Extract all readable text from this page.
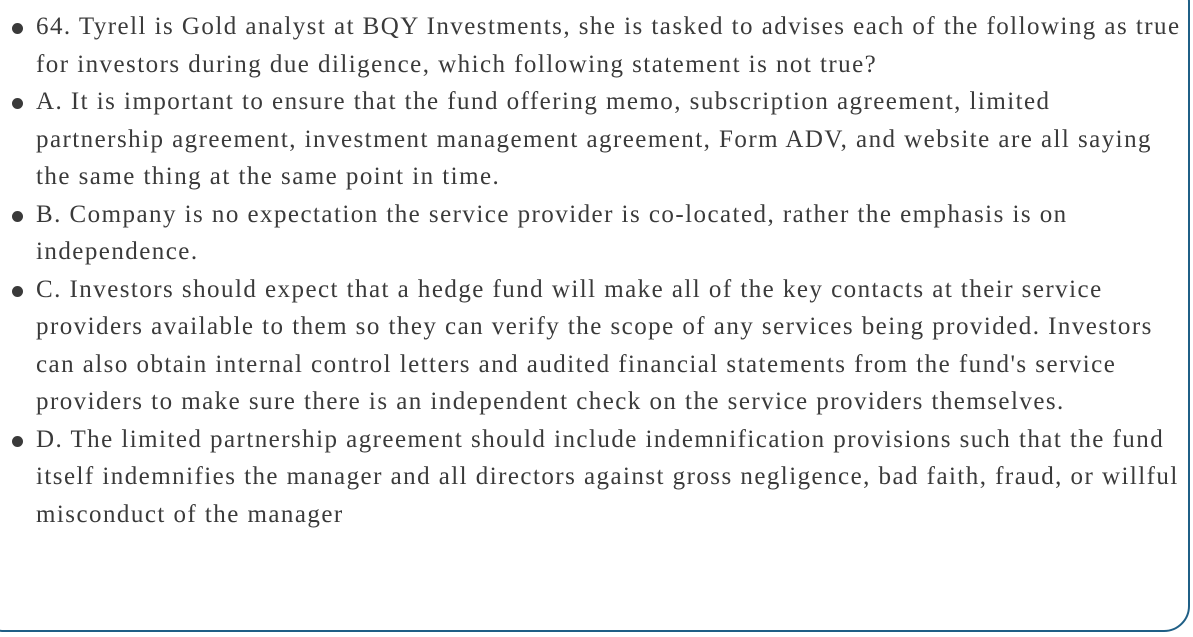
64. Tyrell is Gold analyst at BQY Investments, she is tasked to advises each of the following as true for investors during due diligence, which following statement is not true?
A. It is important to ensure that the fund offering memo, subscription agreement, limited partnership agreement, investment management agreement, Form ADV, and website are all saying the same thing at the same point in time.
B. Company is no expectation the service provider is co-located, rather the emphasis is on independence.
C. Investors should expect that a hedge fund will make all of the key contacts at their service providers available to them so they can verify the scope of any services being provided. Investors can also obtain internal control letters and audited financial statements from the fund's service providers to make sure there is an independent check on the service providers themselves.
D. The limited partnership agreement should include indemnification provisions such that the fund itself indemnifies the manager and all directors against gross negligence, bad faith, fraud, or willful misconduct of the manager
